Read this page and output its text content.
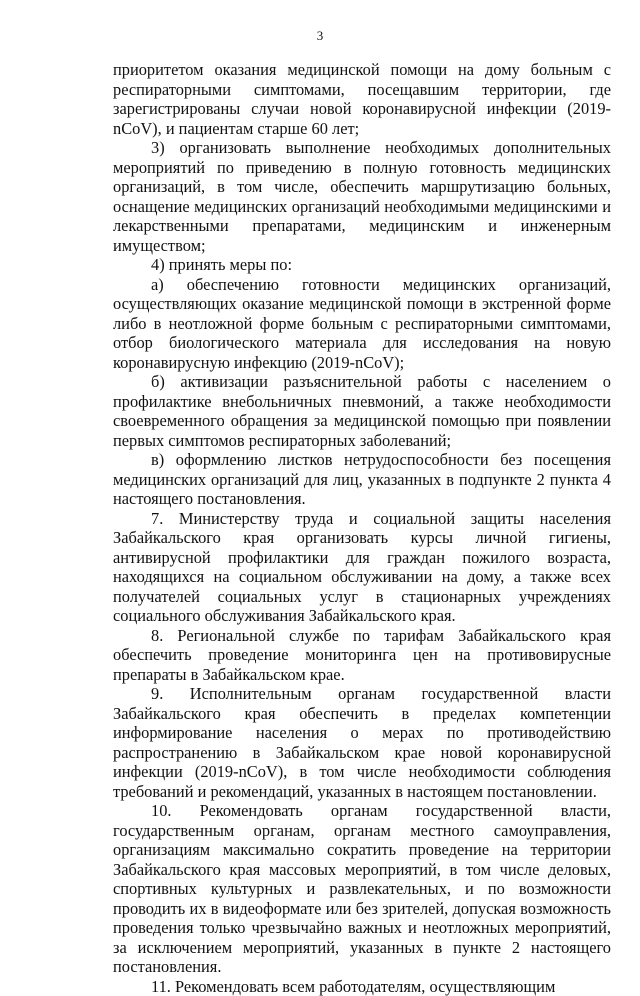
3

приоритетом оказания медицинской помощи на дому больным с респираторными симптомами, посещавшим территории, где зарегистрированы случаи новой коронавирусной инфекции (2019-nCoV), и пациентам старше 60 лет;

3) организовать выполнение необходимых дополнительных мероприятий по приведению в полную готовность медицинских организаций, в том числе, обеспечить маршрутизацию больных, оснащение медицинских организаций необходимыми медицинскими и лекарственными препаратами, медицинским и инженерным имуществом;

4) принять меры по:

а) обеспечению готовности медицинских организаций, осуществляющих оказание медицинской помощи в экстренной форме либо в неотложной форме больным с респираторными симптомами, отбор биологического материала для исследования на новую коронавирусную инфекцию (2019-nCoV);

б) активизации разъяснительной работы с населением о профилактике внебольничных пневмоний, а также необходимости своевременного обращения за медицинской помощью при появлении первых симптомов респираторных заболеваний;

в) оформлению листков нетрудоспособности без посещения медицинских организаций для лиц, указанных в подпункте 2 пункта 4 настоящего постановления.

7. Министерству труда и социальной защиты населения Забайкальского края организовать курсы личной гигиены, антивирусной профилактики для граждан пожилого возраста, находящихся на социальном обслуживании на дому, а также всех получателей социальных услуг в стационарных учреждениях социального обслуживания Забайкальского края.

8. Региональной службе по тарифам Забайкальского края обеспечить проведение мониторинга цен на противовирусные препараты в Забайкальском крае.

9. Исполнительным органам государственной власти Забайкальского края обеспечить в пределах компетенции информирование населения о мерах по противодействию распространению в Забайкальском крае новой коронавирусной инфекции (2019-nCoV), в том числе необходимости соблюдения требований и рекомендаций, указанных в настоящем постановлении.

10. Рекомендовать органам государственной власти, государственным органам, органам местного самоуправления, организациям максимально сократить проведение на территории Забайкальского края массовых мероприятий, в том числе деловых, спортивных культурных и развлекательных, и по возможности проводить их в видеоформате или без зрителей, допуская возможность проведения только чрезвычайно важных и неотложных мероприятий, за исключением мероприятий, указанных в пункте 2 настоящего постановления.

11. Рекомендовать всем работодателям, осуществляющим
